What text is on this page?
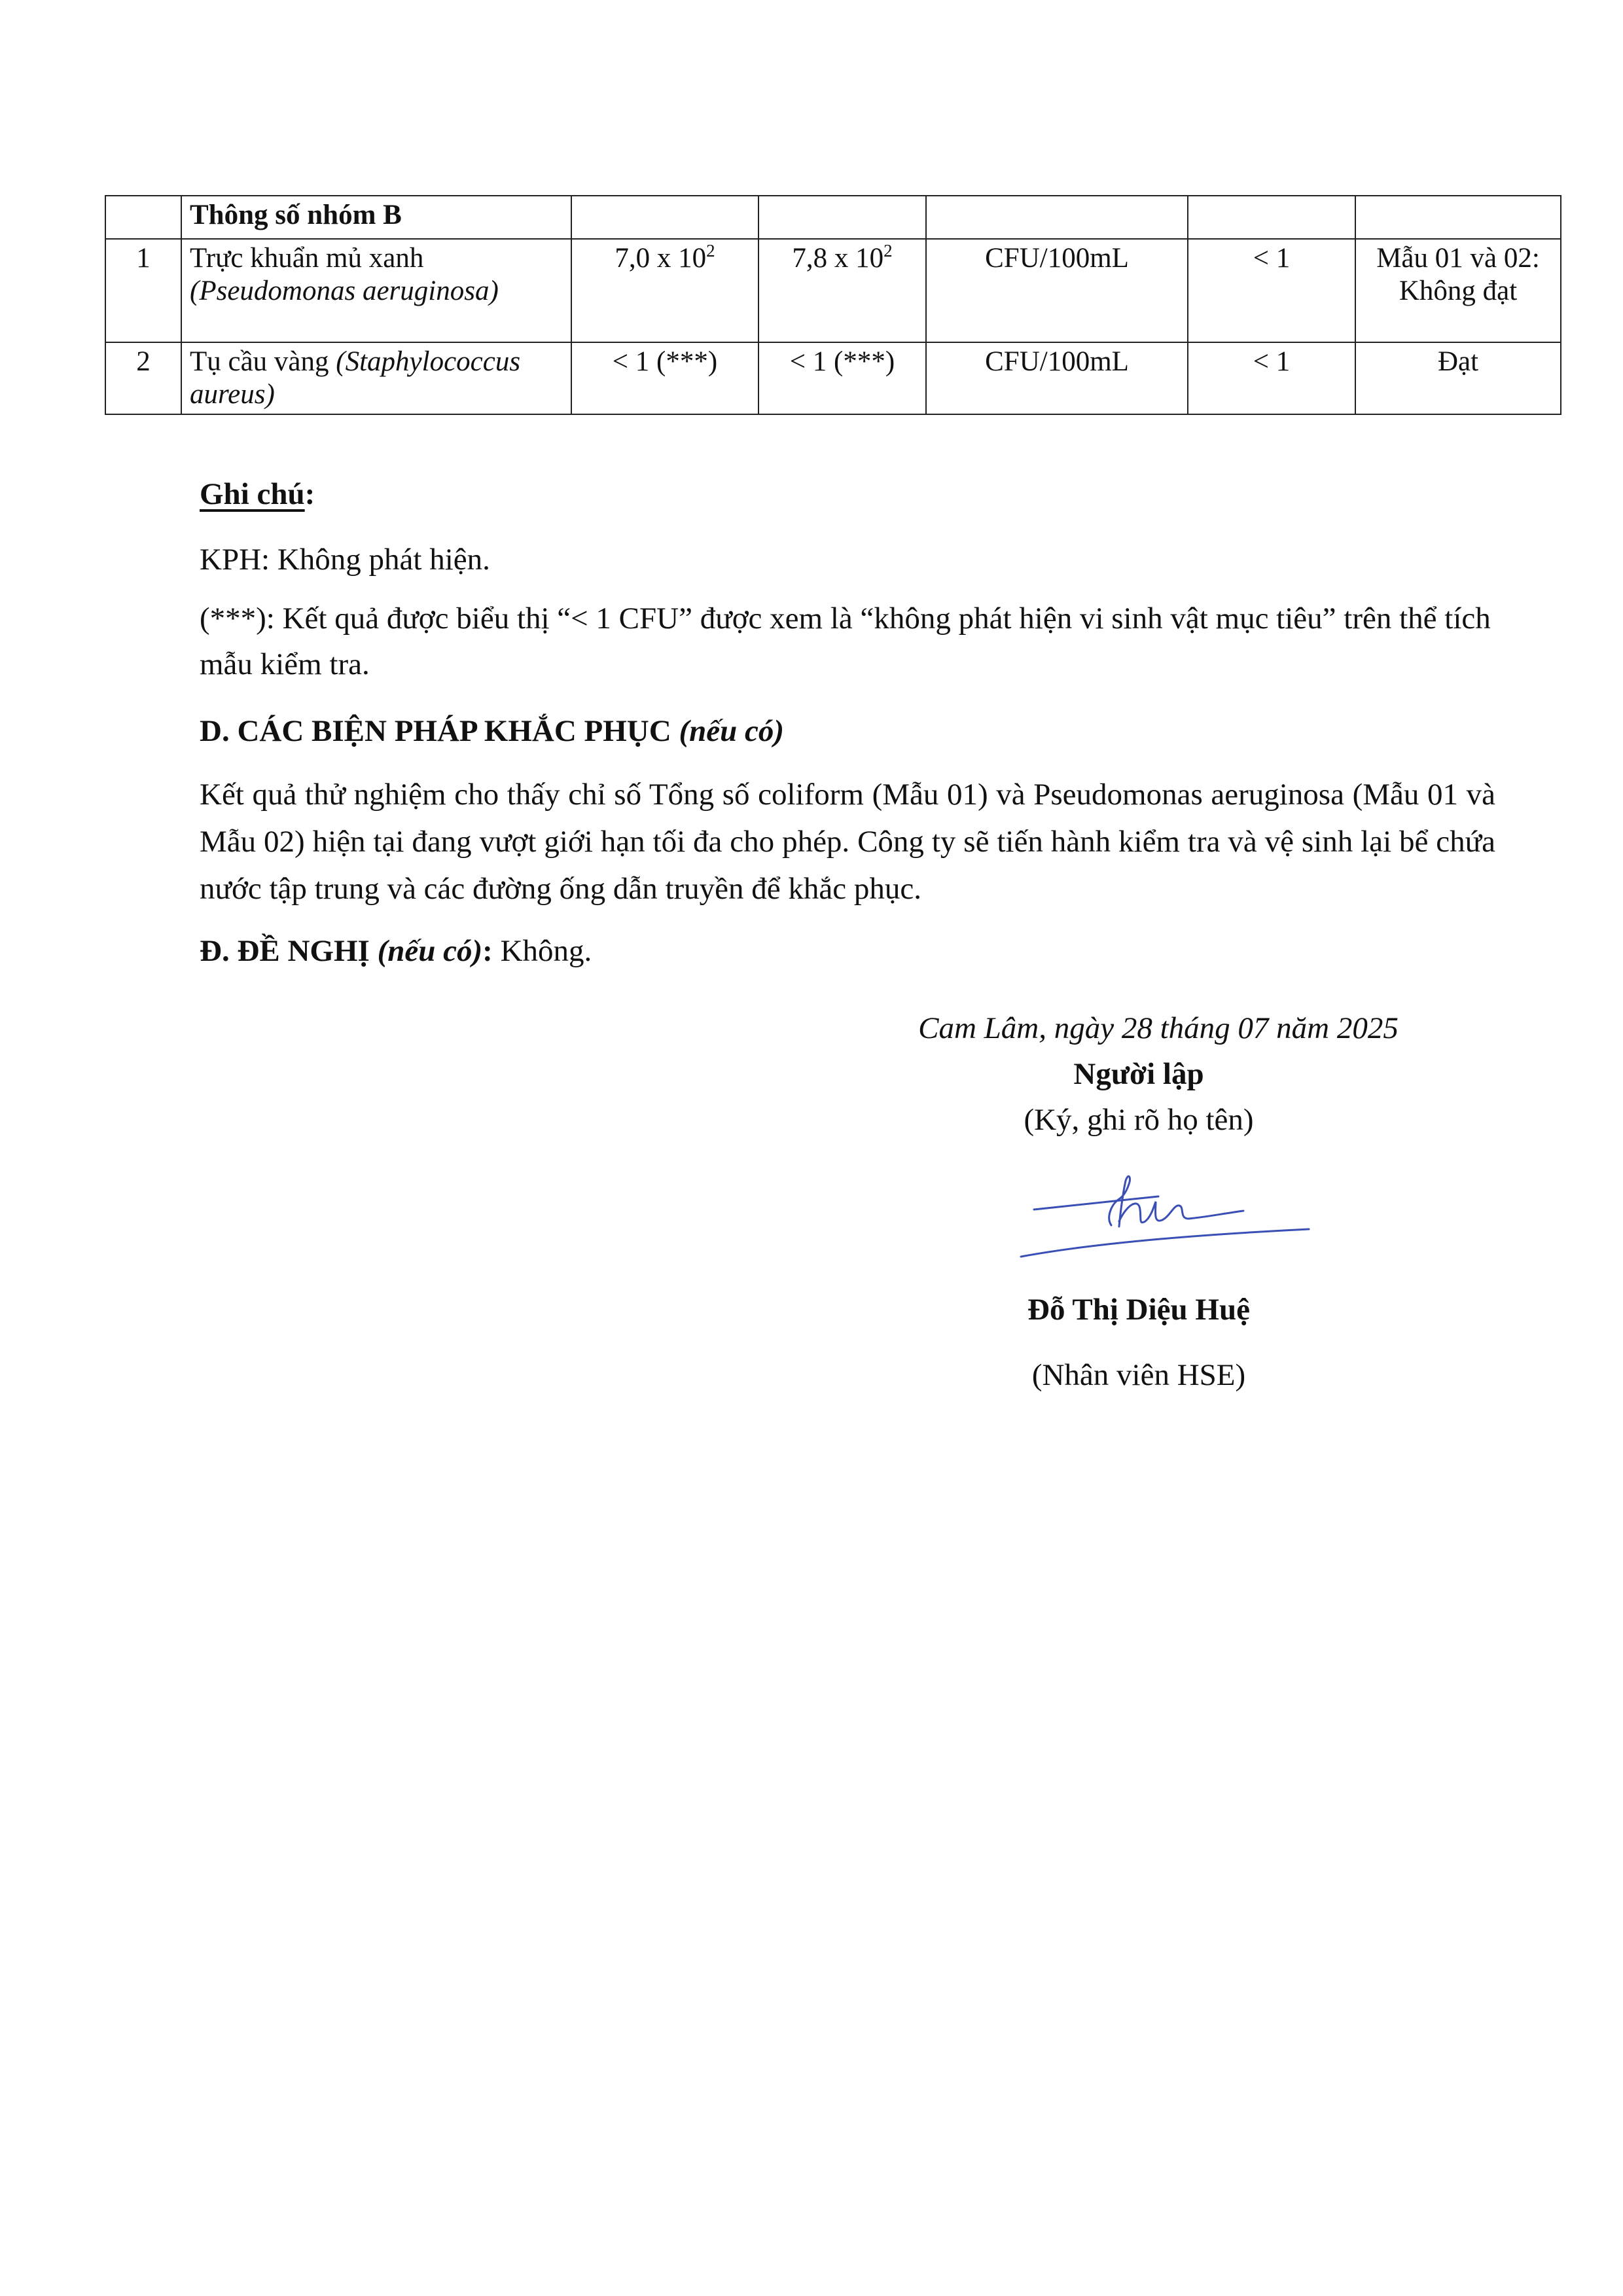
	Thông số nhóm B					
1	Trực khuẩn mủ xanh (Pseudomonas aeruginosa)	7,0 x $10^2$	7,8 x $10^2$	CFU/100mL	< 1	Mẫu 01 và 02: Không đạt
2	Tụ cầu vàng (Staphylococcus aureus)	< 1 (***)	< 1 (***)	CFU/100mL	< 1	Đạt
Ghi chú:
KPH: Không phát hiện.
(***): Kết quả được biểu thị “< 1 CFU” được xem là “không phát hiện vi sinh vật mục tiêu” trên thể tích mẫu kiểm tra.
D. CÁC BIỆN PHÁP KHẮC PHỤC (nếu có)
Kết quả thử nghiệm cho thấy chỉ số Tổng số coliform (Mẫu 01) và Pseudomonas aeruginosa (Mẫu 01 và Mẫu 02) hiện tại đang vượt giới hạn tối đa cho phép. Công ty sẽ tiến hành kiểm tra và vệ sinh lại bể chứa nước tập trung và các đường ống dẫn truyền để khắc phục.
Đ. ĐỀ NGHỊ (nếu có): Không.
Cam Lâm, ngày 28 tháng 07 năm 2025
Người lập
(Ký, ghi rõ họ tên)
Đỗ Thị Diệu Huệ
(Nhân viên HSE)
